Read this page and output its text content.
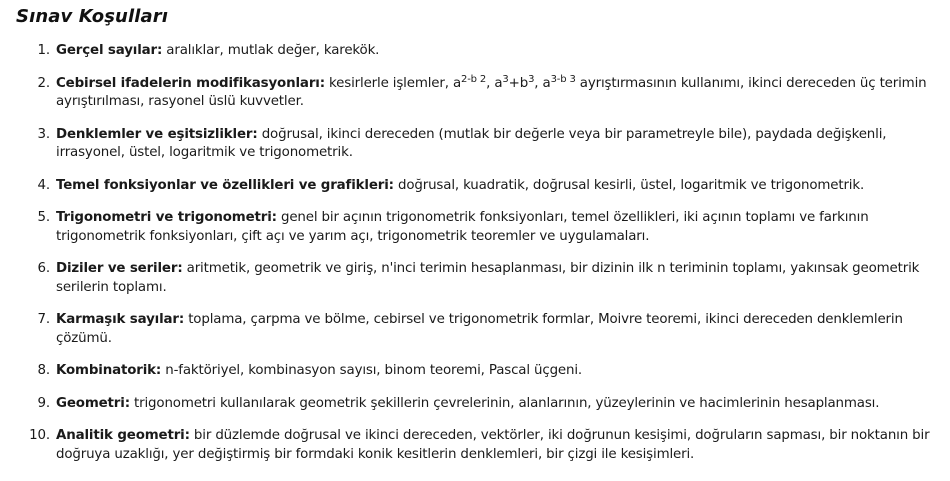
Sınav Koşulları
1. Gerçel sayılar: aralıklar, mutlak değer, karekök.
2. Cebirsel ifadelerin modifikasyonları: kesirlerle işlemler, $a^{2-b 2}$, $a^3+b^3$, $a^{3-b 3}$ ayrıştırmasının kullanımı, ikinci dereceden üç terimin ayrıştırılması, rasyonel üslü kuvvetler.
3. Denklemler ve eşitsizlikler: doğrusal, ikinci dereceden (mutlak bir değerle veya bir parametreyle bile), paydada değişkenli, irrasyonel, üstel, logaritmik ve trigonometrik.
4. Temel fonksiyonlar ve özellikleri ve grafikleri: doğrusal, kuadratik, doğrusal kesirli, üstel, logaritmik ve trigonometrik.
5. Trigonometri ve trigonometri: genel bir açının trigonometrik fonksiyonları, temel özellikleri, iki açının toplamı ve farkının trigonometrik fonksiyonları, çift açı ve yarım açı, trigonometrik teoremler ve uygulamaları.
6. Diziler ve seriler: aritmetik, geometrik ve giriş, n'inci terimin hesaplanması, bir dizinin ilk n teriminin toplamı, yakınsak geometrik serilerin toplamı.
7. Karmaşık sayılar: toplama, çarpma ve bölme, cebirsel ve trigonometrik formlar, Moivre teoremi, ikinci dereceden denklemlerin çözümü.
8. Kombinatorik: n-faktöriyel, kombinasyon sayısı, binom teoremi, Pascal üçgeni.
9. Geometri: trigonometri kullanılarak geometrik şekillerin çevrelerinin, alanlarının, yüzeylerinin ve hacimlerinin hesaplanması.
10. Analitik geometri: bir düzlemde doğrusal ve ikinci dereceden, vektörler, iki doğrunun kesişimi, doğruların sapması, bir noktanın bir doğruya uzaklığı, yer değiştirmiş bir formdaki konik kesitlerin denklemleri, bir çizgi ile kesişimleri.
